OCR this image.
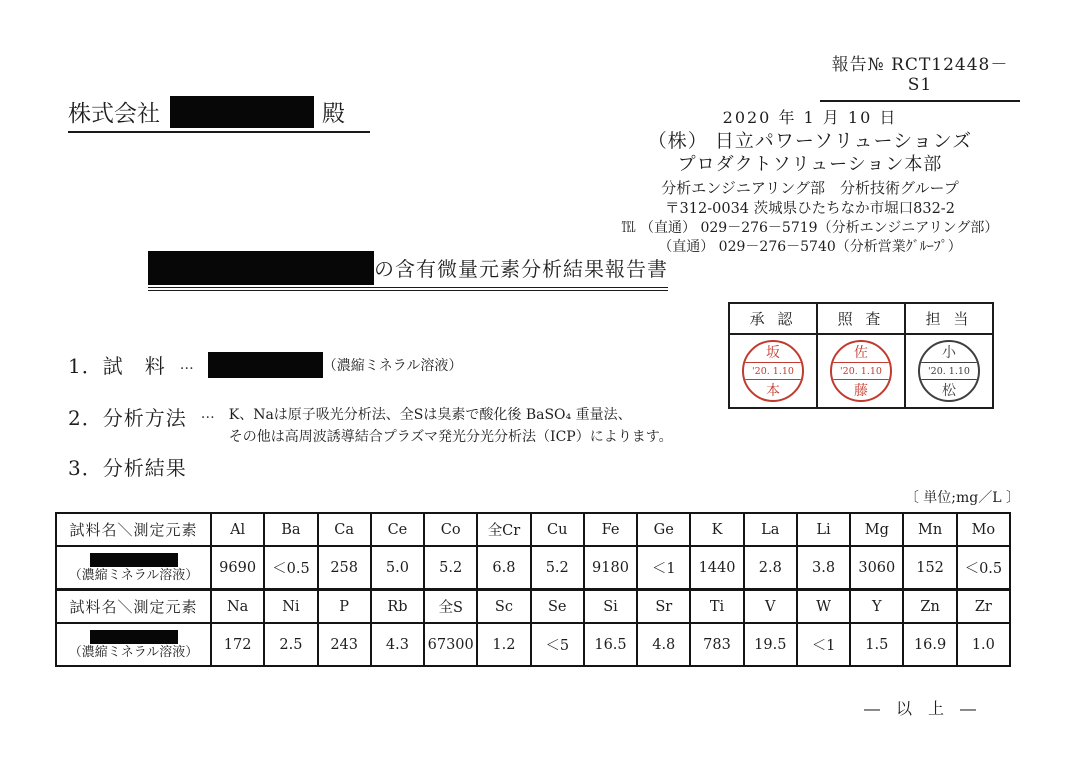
報告№ RCT12448－S1
株式会社	殿	2020 年 1 月 10 日
（株） 日立パワーソリューションズ
プロダクトソリューション本部
分析エンジニアリング部　分析技術グループ
〒312-0034 茨城県ひたちなか市堀口832-2
℡ （直通） 029－276－5719（分析エンジニアリング部）
（直通） 029－276－5740（分析営業ｸﾞﾙｰﾌﾟ）
の含有微量元素分析結果報告書
承 認	照 査	担 当

坂
'20. 1.10
本

佐
'20. 1.10
藤

小
'20. 1.10
松
1．試　料 …	（濃縮ミネラル溶液）
2．分析方法 … K、Naは原子吸光分析法、全Sは臭素で酸化後 BaSO₄ 重量法、
その他は高周波誘導結合プラズマ発光分光分析法（ICP）によります。
3．分析結果
〔 単位;mg／L 〕
試料名＼測定元素	Al	Ba	Ca	Ce	Co	全Cr	Cu	Fe	Ge	K	La	Li	Mg	Mn	Mo

（濃縮ミネラル溶液）	9690	＜0.5	258	5.0	5.2	6.8	5.2	9180	＜1	1440	2.8	3.8	3060	152	＜0.5
試料名＼測定元素	Na	Ni	P	Rb	全S	Sc	Se	Si	Sr	Ti	V	W	Y	Zn	Zr

（濃縮ミネラル溶液）	172	2.5	243	4.3	67300	1.2	＜5	16.5	4.8	783	19.5	＜1	1.5	16.9	1.0
―　以　上　―
